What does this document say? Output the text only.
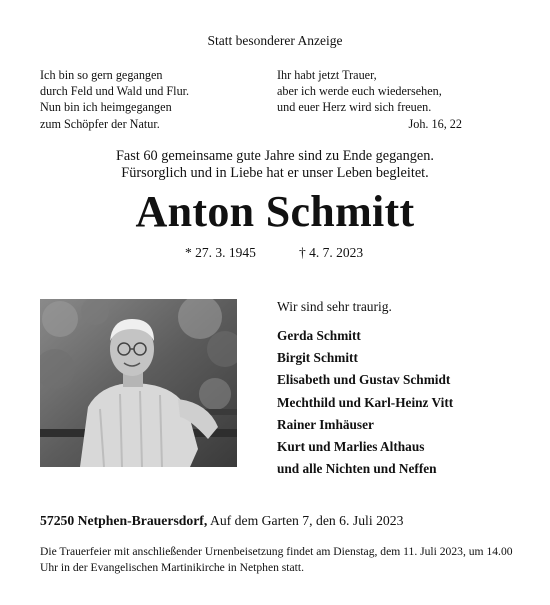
Statt besonderer Anzeige
Ich bin so gern gegangen
durch Feld und Wald und Flur.
Nun bin ich heimgegangen
zum Schöpfer der Natur.
Ihr habt jetzt Trauer,
aber ich werde euch wiedersehen,
und euer Herz wird sich freuen.
Joh. 16, 22
Fast 60 gemeinsame gute Jahre sind zu Ende gegangen.
Fürsorglich und in Liebe hat er unser Leben begleitet.
Anton Schmitt
* 27. 3. 1945	† 4. 7. 2023
Wir sind sehr traurig.
Gerda Schmitt
Birgit Schmitt
Elisabeth und Gustav Schmidt
Mechthild und Karl-Heinz Vitt
Rainer Imhäuser
Kurt und Marlies Althaus
und alle Nichten und Neffen
57250 Netphen-Brauersdorf, Auf dem Garten 7, den 6. Juli 2023
Die Trauerfeier mit anschließender Urnenbeisetzung findet am Dienstag, dem 11. Juli 2023, um 14.00 Uhr in der Evangelischen Martinikirche in Netphen statt.
